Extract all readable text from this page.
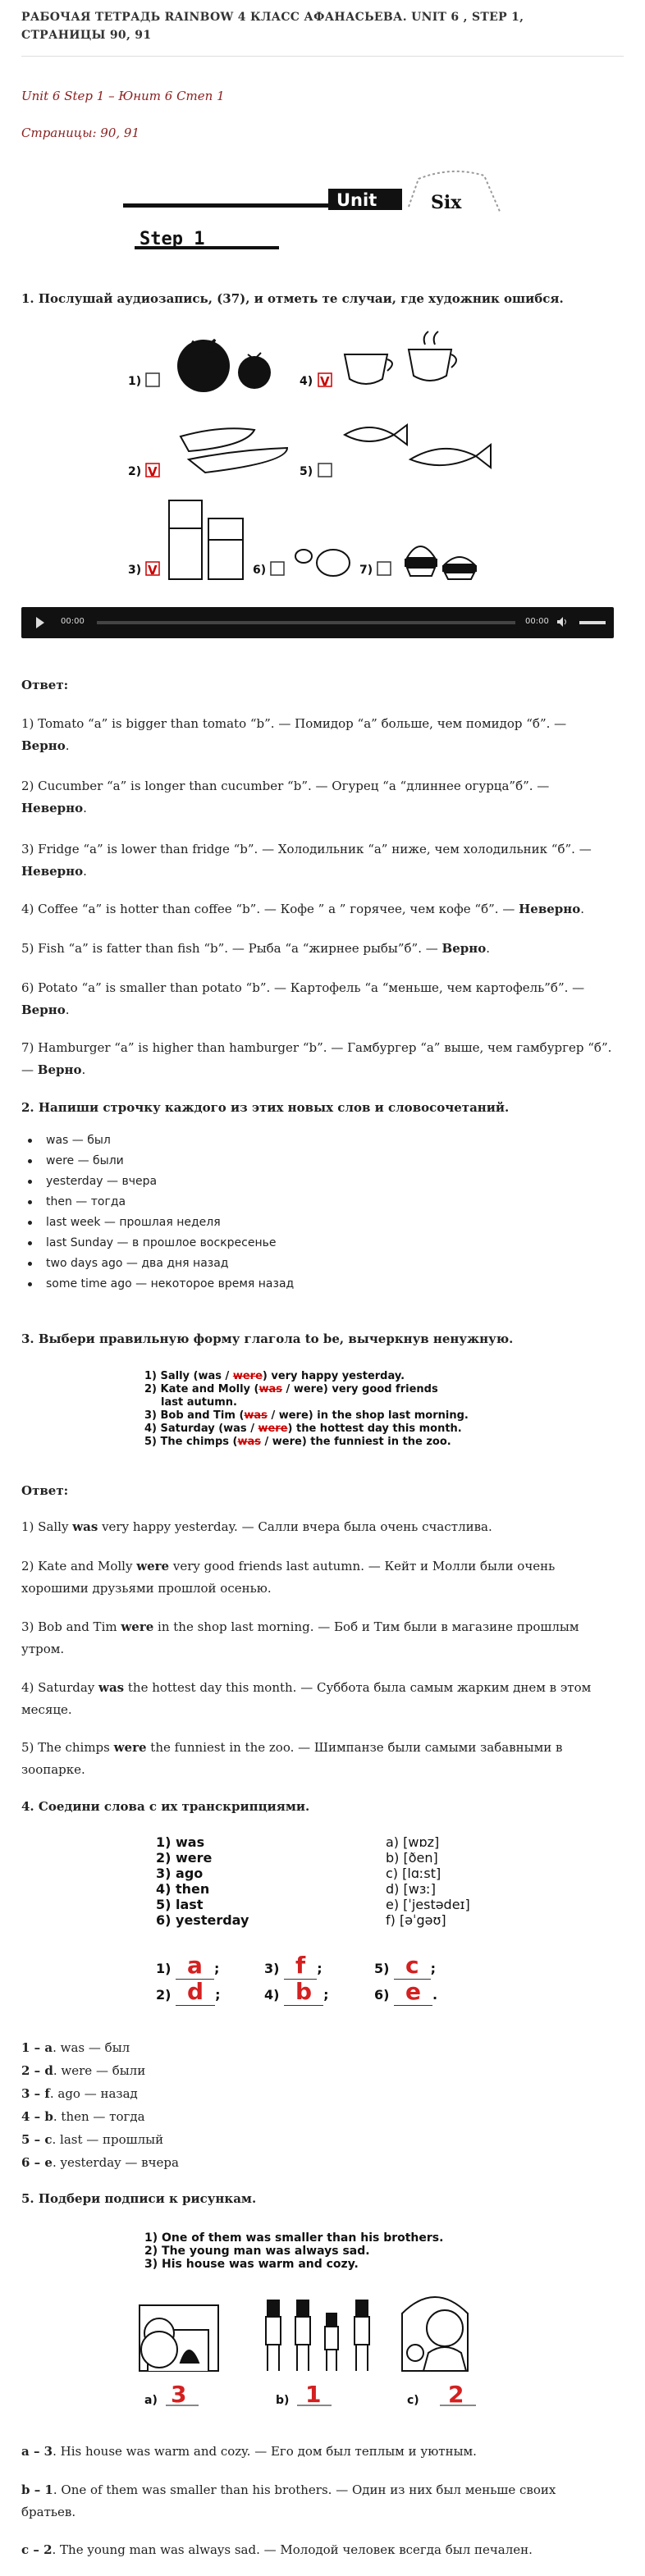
РАБОЧАЯ ТЕТРАДЬ RAINBOW 4 КЛАСС АФАНАСЬЕВА. UNIT 6 , STEP 1, СТРАНИЦЫ 90, 91
Unit 6 Step 1 – Юнит 6 Степ 1
Страницы: 90, 91
Unit	Six
Step 1
1. Послушай аудиозапись, (37), и отметь те случаи, где художник ошибся.
1)	4) V
2) V	5)
3) V	6)	7)
00:00	00:00
Ответ:
1) Tomato “a” is bigger than tomato “b”. — Помидор “а” больше, чем помидор “б”. — Верно.
2) Cucumber “a” is longer than cucumber “b”. — Огурец “а “длиннее огурца”б”. — Неверно.
3) Fridge “a” is lower than fridge “b”. — Холодильник “а” ниже, чем холодильник “б”. — Неверно.
4) Coffee “a” is hotter than coffee “b”. — Кофе ” а ” горячее, чем кофе “б”. — Неверно.
5) Fish “a” is fatter than fish “b”. — Рыба “а “жирнее рыбы”б”. — Верно.
6) Potato “a” is smaller than potato “b”. — Картофель “а “меньше, чем картофель”б”. — Верно.
7) Hamburger “a” is higher than hamburger “b”. — Гамбургер “а” выше, чем гамбургер “б”. — Верно.
2. Напиши строчку каждого из этих новых слов и словосочетаний.
was — был
were — были
yesterday — вчера
then — тогда
last week — прошлая неделя
last Sunday — в прошлое воскресенье
two days ago — два дня назад
some time ago — некоторое время назад
3. Выбери правильную форму глагола to be, вычеркнув ненужную.
1) Sally (was / were) very happy yesterday.
2) Kate and Molly (was / were) very good friends
last autumn.
3) Bob and Tim (was / were) in the shop last morning.
4) Saturday (was / were) the hottest day this month.
5) The chimps (was / were) the funniest in the zoo.
Ответ:
1) Sally was very happy yesterday. — Салли вчера была очень счастлива.
2) Kate and Molly were very good friends last autumn. — Кейт и Молли были очень хорошими друзьями прошлой осенью.
3) Bob and Tim were in the shop last morning. — Боб и Тим были в магазине прошлым утром.
4) Saturday was the hottest day this month. — Суббота была самым жарким днем в этом месяце.
5) The chimps were the funniest in the zoo. — Шимпанзе были самыми забавными в зоопарке.
4. Соедини слова с их транскрипциями.
1) was
2) were
3) ago
4) then
5) last
6) yesterday
a) [wɒz]
b) [ðen]
c) [lɑːst]
d) [wɜː]
e) [ˈjestədeɪ]
f) [əˈgəʊ]
1) a ;	3) f ;	5) c ;
2) d ;	4) b ;	6) e .
1 – a. was — был
2 – d. were — были
3 – f. ago — назад
4 – b. then — тогда
5 – c. last — прошлый
6 – e. yesterday — вчера
5. Подбери подписи к рисункам.
1) One of them was smaller than his brothers.
2) The young man was always sad.
3) His house was warm and cozy.
a) 3	b) 1	c) 2
a – 3. His house was warm and cozy. — Его дом был теплым и уютным.
b – 1. One of them was smaller than his brothers. — Один из них был меньше своих братьев.
c – 2. The young man was always sad. — Молодой человек всегда был печален.
